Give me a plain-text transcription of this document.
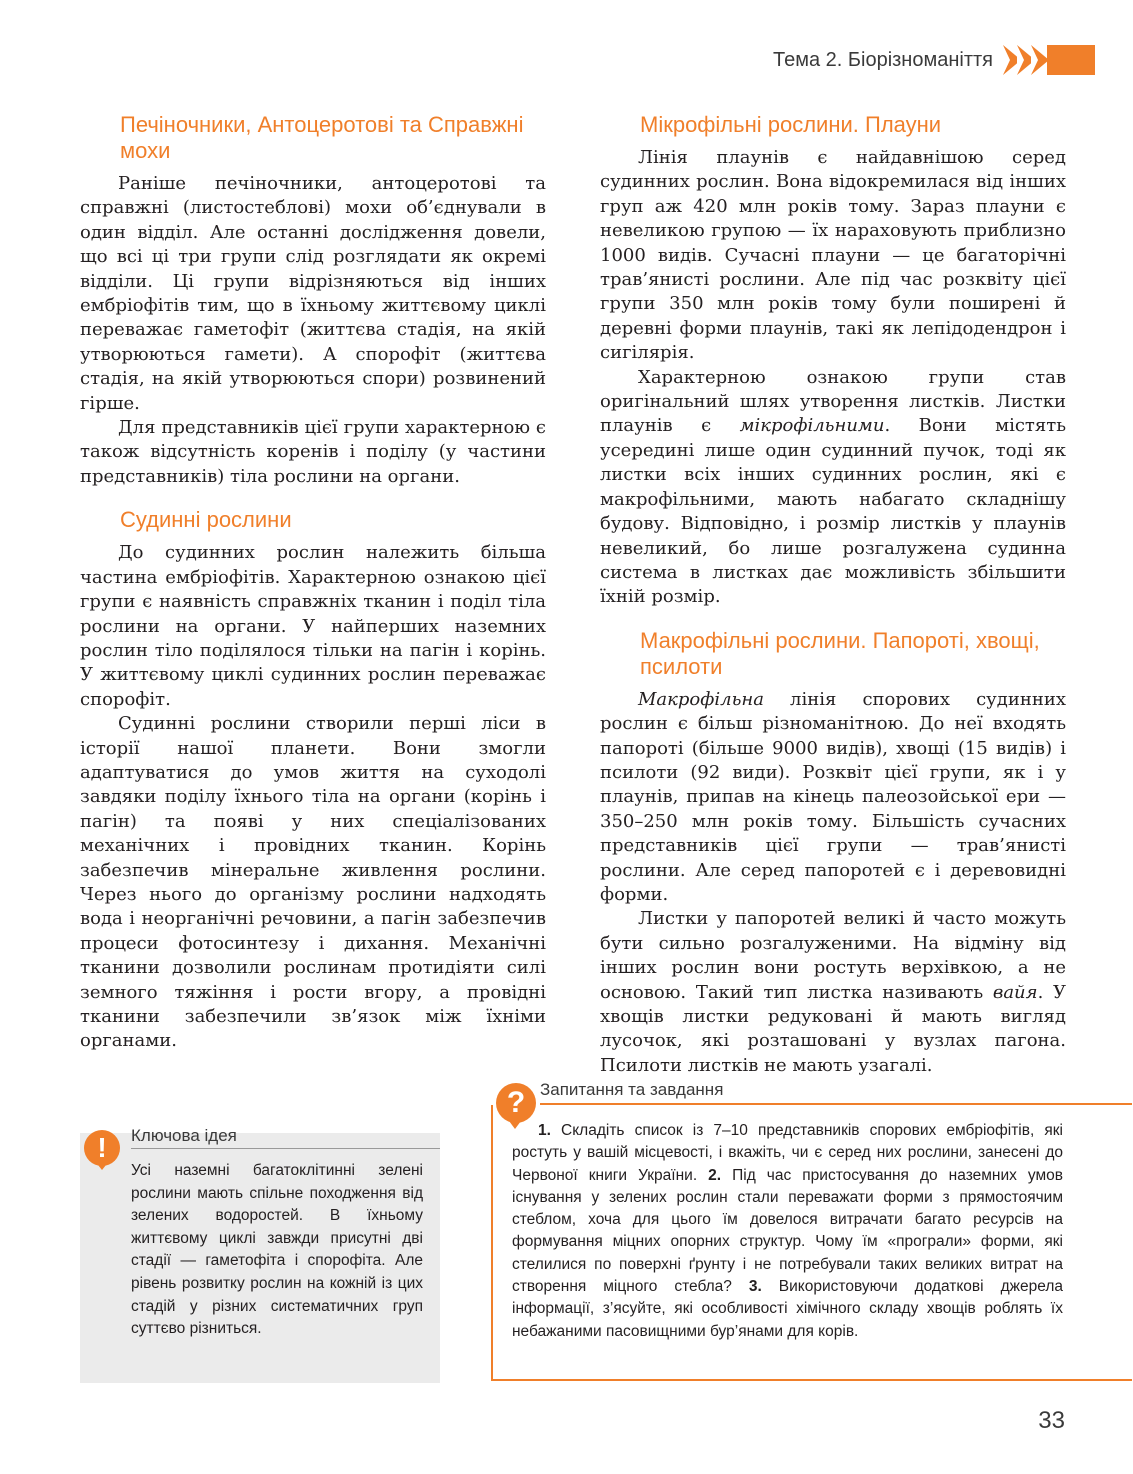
Тема 2. Біорізноманіття
Печіночники, Антоцеротові та Справжні мохи

Раніше печіночники, антоцеротові та справжні (листостеблові) мохи об’єднували в один відділ. Але останні дослідження довели, що всі ці три групи слід розглядати як окремі відділи. Ці групи відрізняються від інших ембріофітів тим, що в їхньому життєвому циклі переважає гаметофіт (життєва стадія, на якій утворюються гамети). А спорофіт (життєва стадія, на якій утворюються спори) розвинений гірше.

Для представників цієї групи характерною є також відсутність коренів і поділу (у частини представників) тіла рослини на органи.

Судинні рослини

До судинних рослин належить більша частина ембріофітів. Характерною ознакою цієї групи є наявність справжніх тканин і поділ тіла рослини на органи. У найперших наземних рослин тіло поділялося тільки на пагін і корінь. У життєвому циклі судинних рослин переважає спорофіт.

Судинні рослини створили перші ліси в історії нашої планети. Вони змогли адаптуватися до умов життя на суходолі завдяки поділу їхнього тіла на органи (корінь і пагін) та появі у них спеціалізованих механічних і провідних тканин. Корінь забезпечив мінеральне живлення рослини. Через нього до організму рослини надходять вода і неорганічні речовини, а пагін забезпечив процеси фотосинтезу і дихання. Механічні тканини дозволили рослинам протидіяти силі земного тяжіння і рости вгору, а провідні тканини забезпечили зв’язок між їхніми органами.

Мікрофільні рослини. Плауни

Лінія плаунів є найдавнішою серед судинних рослин. Вона відокремилася від інших груп аж 420 млн років тому. Зараз плауни є невеликою групою — їх нараховують приблизно 1000 видів. Сучасні плауни — це багаторічні трав’янисті рослини. Але під час розквіту цієї групи 350 млн років тому були поширені й деревні форми плаунів, такі як лепідодендрон і сигілярія.

Характерною ознакою групи став оригінальний шлях утворення листків. Листки плаунів є мікрофільними. Вони містять усередині лише один судинний пучок, тоді як листки всіх інших судинних рослин, які є макрофільними, мають набагато складнішу будову. Відповідно, і розмір листків у плаунів невеликий, бо лише розгалужена судинна система в листках дає можливість збільшити їхній розмір.

Макрофільні рослини. Папороті, хвощі, псилоти

Макрофільна лінія спорових судинних рослин є більш різноманітною. До неї входять папороті (більше 9000 видів), хвощі (15 видів) і псилоти (92 види). Розквіт цієї групи, як і у плаунів, припав на кінець палеозойської ери — 350–250 млн років тому. Більшість сучасних представників цієї групи — трав’янисті рослини. Але серед папоротей є і деревовидні форми.

Листки у папоротей великі й часто можуть бути сильно розгалуженими. На відміну від інших рослин вони ростуть верхівкою, а не основою. Такий тип листка називають вайя. У хвощів листки редуковані й мають вигляд лусочок, які розташовані у вузлах пагона. Псилоти листків не мають узагалі.

!	Ключова ідея
Усі наземні багатоклітинні зелені рослини мають спільне походження від зелених водоростей. В їхньому життєвому циклі завжди присутні дві стадії — гаметофіта і спорофіта. Але рівень розвитку рослин на кожній із цих стадій у різних систематичних груп суттєво різниться.
? Запитання та завдання
1. Складіть список із 7–10 представників спорових ембріофітів, які ростуть у вашій місцевості, і вкажіть, чи є серед них рослини, занесені до Червоної книги України. 2. Під час пристосування до наземних умов існування у зелених рослин стали переважати форми з прямостоячим стеблом, хоча для цього їм довелося витрачати багато ресурсів на формування міцних опорних структур. Чому їм «програли» форми, які стелилися по поверхні ґрунту і не потребували таких великих витрат на створення міцного стебла? 3. Використовуючи додаткові джерела інформації, з’ясуйте, які особливості хімічного складу хвощів роблять їх небажаними пасовищними бур’янами для корів.
33
